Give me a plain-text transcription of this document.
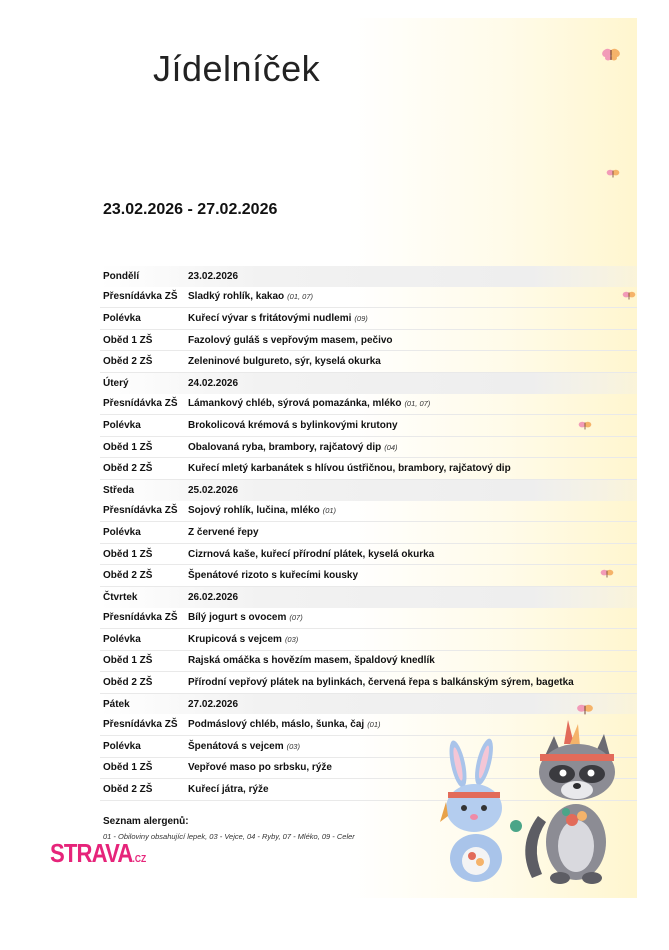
Jídelníček
23.02.2026 - 27.02.2026
Pondělí	23.02.2026
Přesnídávka ZŠ	Sladký rohlík, kakao (01, 07)
Polévka	Kuřecí vývar s fritátovými nudlemi (09)
Oběd 1 ZŠ	Fazolový guláš s vepřovým masem, pečivo
Oběd 2 ZŠ	Zeleninové bulgureto, sýr, kyselá okurka
Úterý	24.02.2026
Přesnídávka ZŠ	Lámankový chléb, sýrová pomazánka, mléko (01, 07)
Polévka	Brokolicová krémová s bylinkovými krutony
Oběd 1 ZŠ	Obalovaná ryba, brambory, rajčatový dip (04)
Oběd 2 ZŠ	Kuřecí mletý karbanátek s hlívou ústřičnou, brambory, rajčatový dip
Středa	25.02.2026
Přesnídávka ZŠ	Sojový rohlík, lučina, mléko (01)
Polévka	Z červené řepy
Oběd 1 ZŠ	Cizrnová kaše, kuřecí přírodní plátek, kyselá okurka
Oběd 2 ZŠ	Špenátové rizoto s kuřecími kousky
Čtvrtek	26.02.2026
Přesnídávka ZŠ	Bílý jogurt s ovocem (07)
Polévka	Krupicová s vejcem (03)
Oběd 1 ZŠ	Rajská omáčka s hovězím masem, špaldový knedlík
Oběd 2 ZŠ	Přírodní vepřový plátek na bylinkách, červená řepa s balkánským sýrem, bagetka
Pátek	27.02.2026
Přesnídávka ZŠ	Podmáslový chléb, máslo, šunka, čaj (01)
Polévka	Špenátová s vejcem (03)
Oběd 1 ZŠ	Vepřové maso po srbsku, rýže
Oběd 2 ZŠ	Kuřecí játra, rýže
Seznam alergenů:
01 - Obiloviny obsahující lepek, 03 - Vejce, 04 - Ryby, 07 - Mléko, 09 - Celer
STRAVA.CZ
